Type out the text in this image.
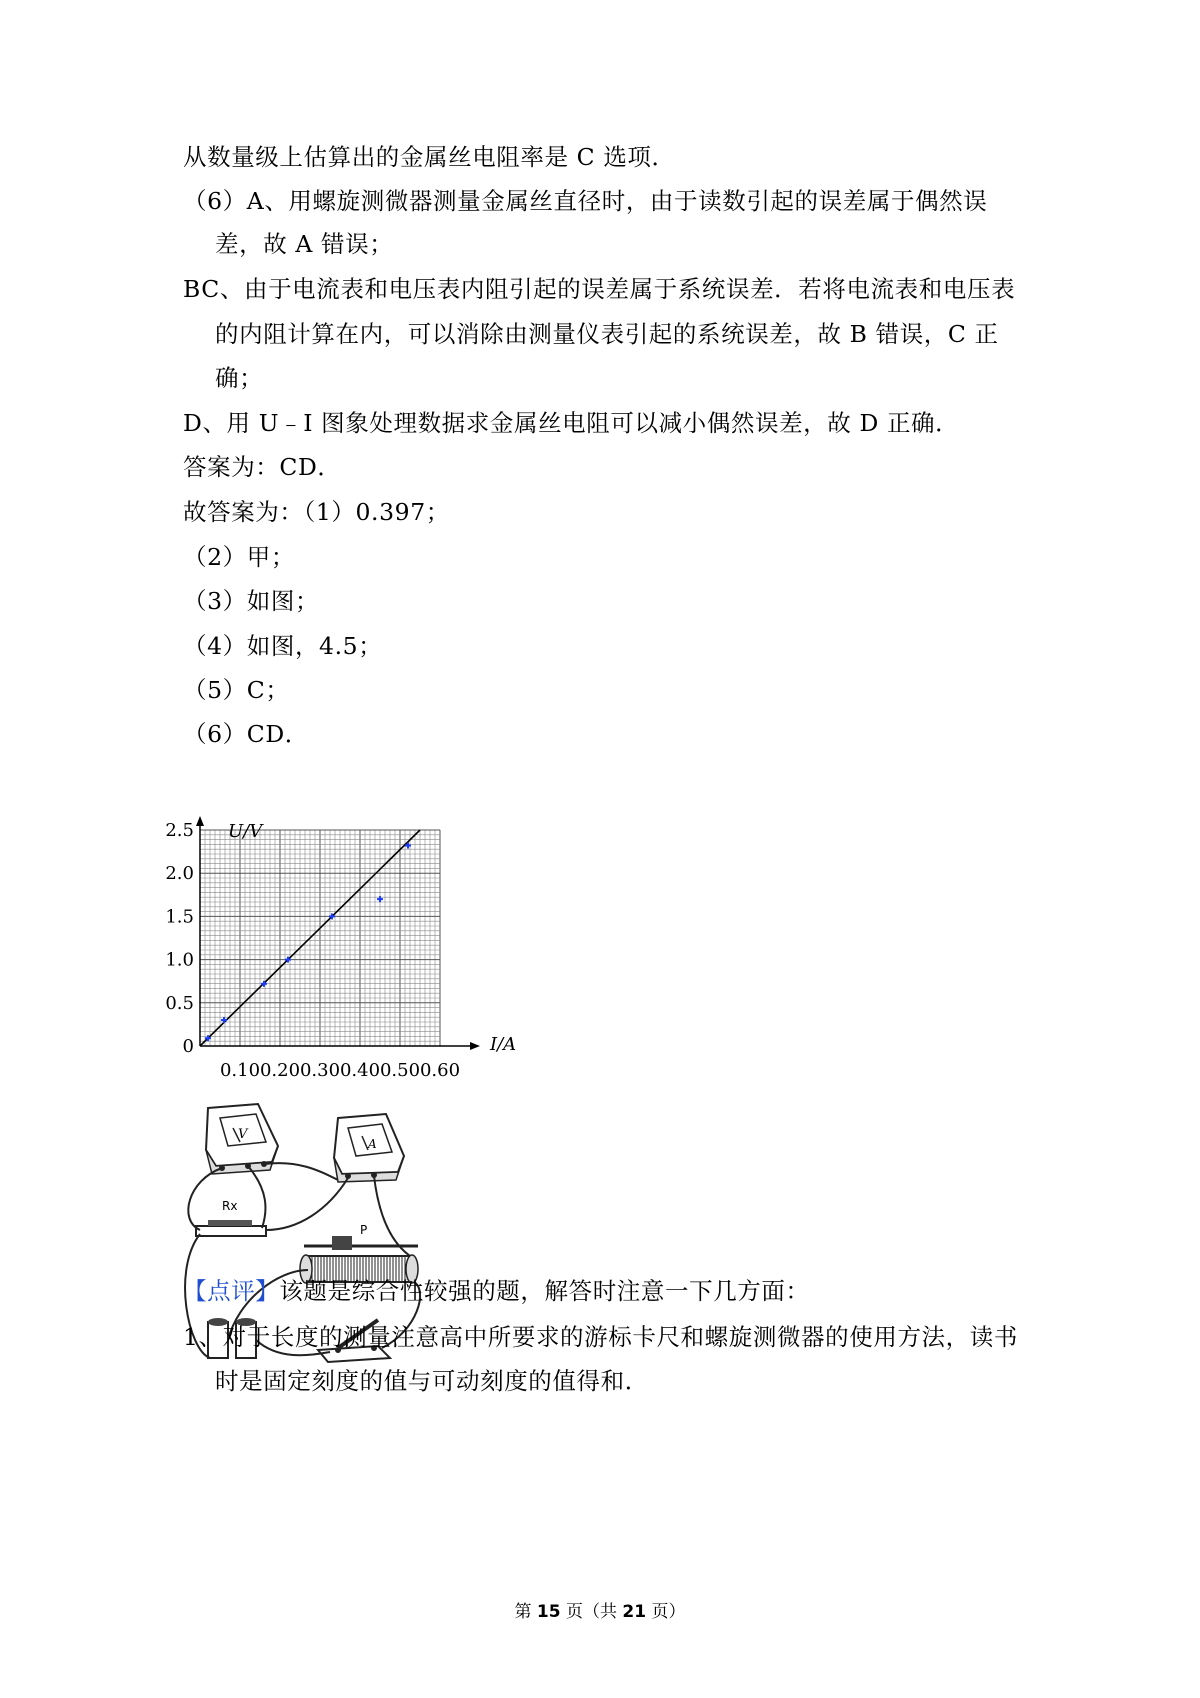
从数量级上估算出的金属丝电阻率是 C 选项．
（6）A、用螺旋测微器测量金属丝直径时，由于读数引起的误差属于偶然误
差，故 A 错误；
BC、由于电流表和电压表内阻引起的误差属于系统误差．若将电流表和电压表
的内阻计算在内，可以消除由测量仪表引起的系统误差，故 B 错误，C 正
确；
D、用 U﹣I 图象处理数据求金属丝电阻可以减小偶然误差，故 D 正确．
答案为：CD．
故答案为：（1）0.397；
（2）甲；
（3）如图；
（4）如图，4.5；
（5）C；
（6）CD．
0
0.5
1.0
1.5
2.0
2.5
0.10 0.20 0.30 0.40 0.50 0.60
U/V
I/A
V
A
Rx
P
【点评】该题是综合性较强的题，解答时注意一下几方面：
1、对于长度的测量注意高中所要求的游标卡尺和螺旋测微器的使用方法，读书
时是固定刻度的值与可动刻度的值得和．
第 15 页（共 21 页）
